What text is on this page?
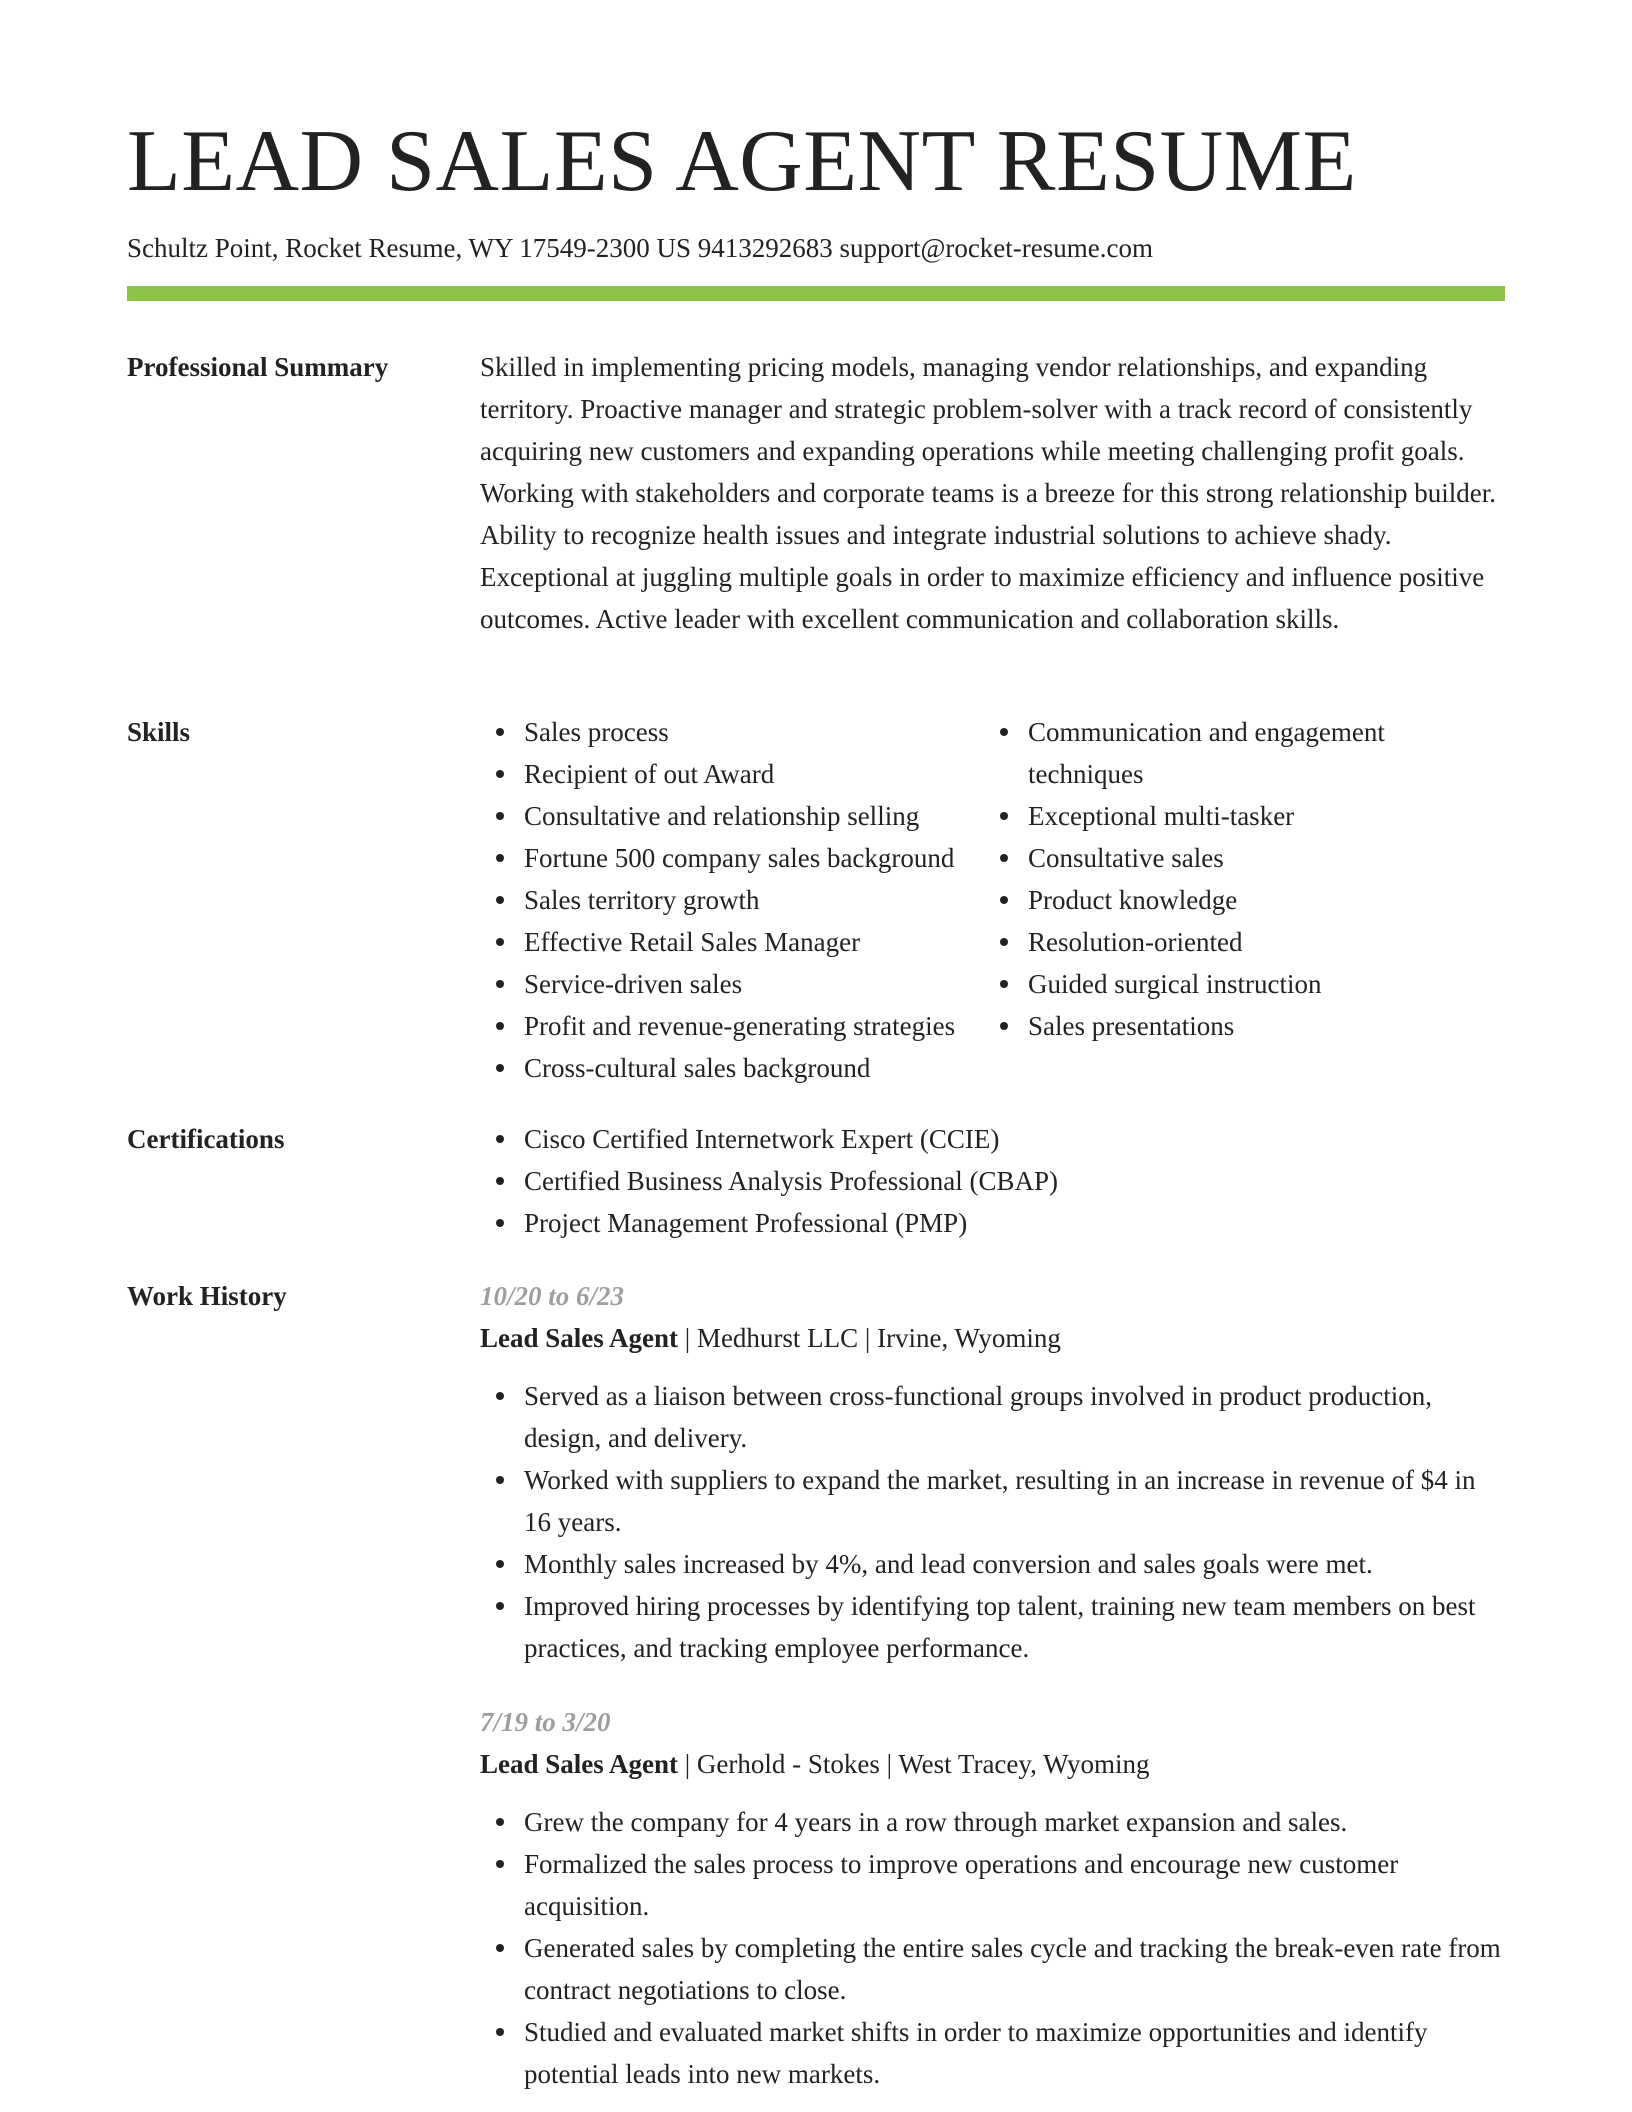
LEAD SALES AGENT RESUME
Schultz Point, Rocket Resume, WY 17549-2300 US 9413292683 support@rocket-resume.com
Professional Summary	Skilled in implementing pricing models, managing vendor relationships, and expanding territory. Proactive manager and strategic problem-solver with a track record of consistently acquiring new customers and expanding operations while meeting challenging profit goals. Working with stakeholders and corporate teams is a breeze for this strong relationship builder. Ability to recognize health issues and integrate industrial solutions to achieve shady. Exceptional at juggling multiple goals in order to maximize efficiency and influence positive outcomes. Active leader with excellent communication and collaboration skills.

Skills	Sales process
Recipient of out Award
Consultative and relationship selling
Fortune 500 company sales background
Sales territory growth
Effective Retail Sales Manager
Service-driven sales
Profit and revenue-generating strategies
Cross-cultural sales background
Communication and engagement techniques
Exceptional multi-tasker
Consultative sales
Product knowledge
Resolution-oriented
Guided surgical instruction
Sales presentations
Certifications	Cisco Certified Internetwork Expert (CCIE)
Certified Business Analysis Professional (CBAP)
Project Management Professional (PMP)
Work History	10/20 to 6/23
Lead Sales Agent | Medhurst LLC | Irvine, Wyoming
Served as a liaison between cross-functional groups involved in product production, design, and delivery.
Worked with suppliers to expand the market, resulting in an increase in revenue of $4 in 16 years.
Monthly sales increased by 4%, and lead conversion and sales goals were met.
Improved hiring processes by identifying top talent, training new team members on best practices, and tracking employee performance.
7/19 to 3/20
Lead Sales Agent | Gerhold - Stokes | West Tracey, Wyoming
Grew the company for 4 years in a row through market expansion and sales.
Formalized the sales process to improve operations and encourage new customer acquisition.
Generated sales by completing the entire sales cycle and tracking the break-even rate from contract negotiations to close.
Studied and evaluated market shifts in order to maximize opportunities and identify potential leads into new markets.
